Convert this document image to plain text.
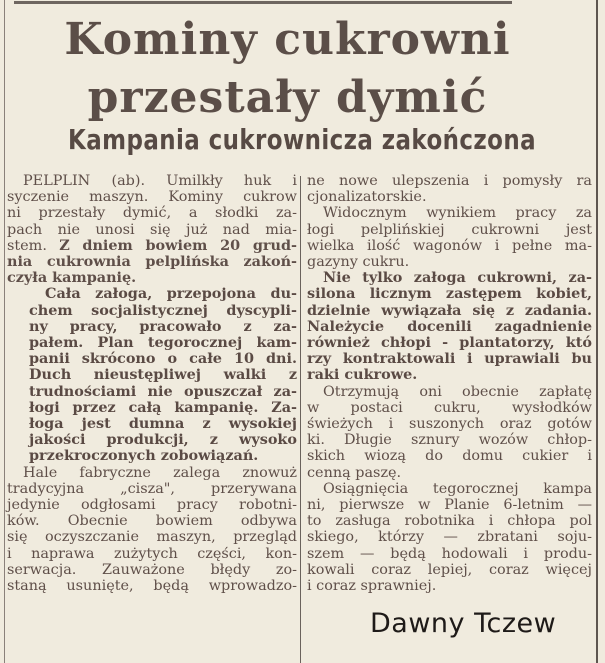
Kominy cukrowni
przestały dymić
Kampania cukrownicza zakończona
PELPLIN (ab). Umilkły huk i
syczenie maszyn. Kominy cukrow
ni przestały dymić, a słodki za-
pach nie unosi się już nad mia-
stem. Z dniem bowiem 20 grud-
nia cukrownia pelplińska zakoń-
czyła kampanię.
Cała załoga, przepojona du-
chem socjalistycznej dyscypli-
ny pracy, pracowało z za-
pałem. Plan tegorocznej kam-
panii skrócono o całe 10 dni.
Duch nieustępliwej walki z
trudnościami nie opuszczał za-
łogi przez całą kampanię. Za-
łoga jest dumna z wysokiej
jakości produkcji, z wysoko
przekroczonych zobowiązań.
Hale fabryczne zalega znowuż
tradycyjna „cisza", przerywana
jedynie odgłosami pracy robotni-
ków. Obecnie bowiem odbywa
się oczyszczanie maszyn, przegląd
i naprawa zużytych części, kon-
serwacja. Zauważone błędy zo-
staną usunięte, będą wprowadzo-
ne nowe ulepszenia i pomysły ra
cjonalizatorskie.
Widocznym wynikiem pracy za
łogi pelplińskiej cukrowni jest
wielka ilość wagonów i pełne ma-
gazyny cukru.
Nie tylko załoga cukrowni, za-
silona licznym zastępem kobiet,
dzielnie wywiązała się z zadania.
Należycie docenili zagadnienie
również chłopi - plantatorzy, któ
rzy kontraktowali i uprawiali bu
raki cukrowe.
Otrzymują oni obecnie zapłatę
w postaci cukru, wysłodków
świeżych i suszonych oraz gotów
ki. Długie sznury wozów chłop-
skich wiozą do domu cukier i
cenną paszę.
Osiągnięcia tegorocznej kampa
ni, pierwsze w Planie 6-letnim —
to zasługa robotnika i chłopa pol
skiego, którzy — zbratani soju-
szem — będą hodowali i produ-
kowali coraz lepiej, coraz więcej
i coraz sprawniej.
Dawny Tczew
